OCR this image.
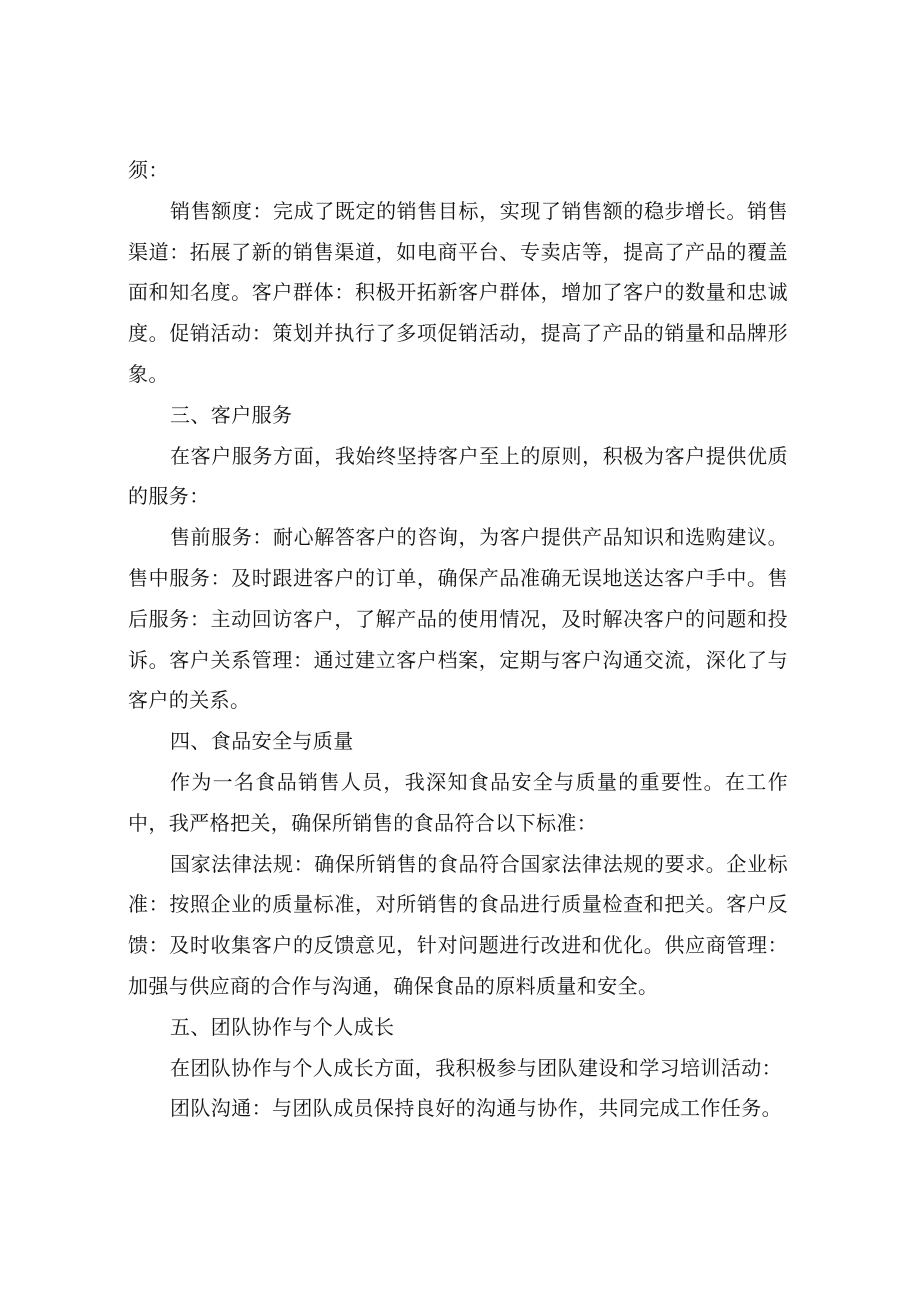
须：

销售额度：完成了既定的销售目标，实现了销售额的稳步增长。销售渠道：拓展了新的销售渠道，如电商平台、专卖店等，提高了产品的覆盖面和知名度。客户群体：积极开拓新客户群体，增加了客户的数量和忠诚度。促销活动：策划并执行了多项促销活动，提高了产品的销量和品牌形象。

三、客户服务

在客户服务方面，我始终坚持客户至上的原则，积极为客户提供优质的服务：

售前服务：耐心解答客户的咨询，为客户提供产品知识和选购建议。售中服务：及时跟进客户的订单，确保产品准确无误地送达客户手中。售后服务：主动回访客户，了解产品的使用情况，及时解决客户的问题和投诉。客户关系管理：通过建立客户档案，定期与客户沟通交流，深化了与客户的关系。

四、食品安全与质量

作为一名食品销售人员，我深知食品安全与质量的重要性。在工作中，我严格把关，确保所销售的食品符合以下标准：

国家法律法规：确保所销售的食品符合国家法律法规的要求。企业标准：按照企业的质量标准，对所销售的食品进行质量检查和把关。客户反馈：及时收集客户的反馈意见，针对问题进行改进和优化。供应商管理：加强与供应商的合作与沟通，确保食品的原料质量和安全。

五、团队协作与个人成长

在团队协作与个人成长方面，我积极参与团队建设和学习培训活动：

团队沟通：与团队成员保持良好的沟通与协作，共同完成工作任务。
